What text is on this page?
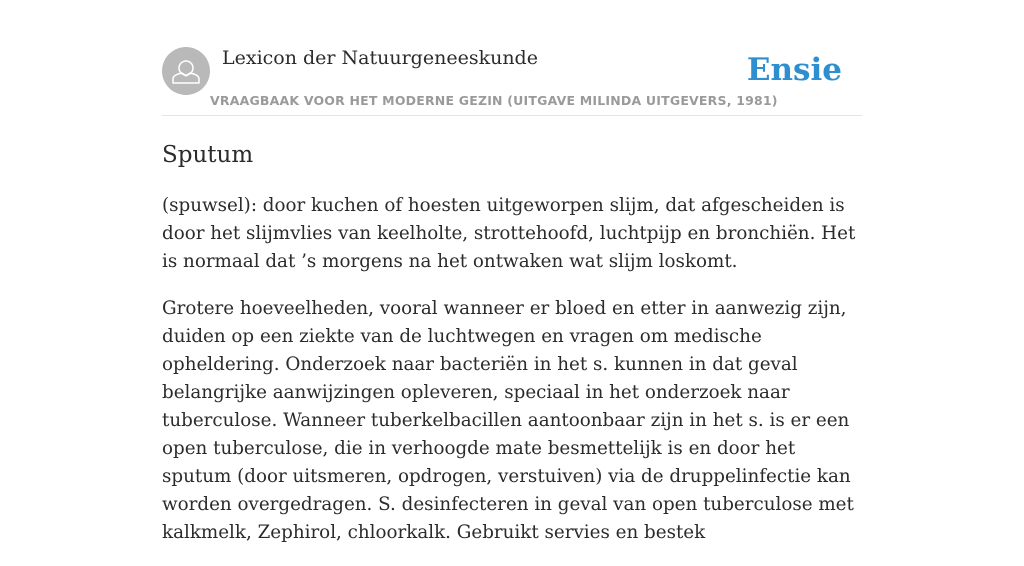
Lexicon der Natuurgeneeskunde
VRAAGBAAK VOOR HET MODERNE GEZIN (UITGAVE MILINDA UITGEVERS, 1981)
Ensie
Sputum

(spuwsel): door kuchen of hoesten uitgeworpen slijm, dat afgescheiden is door het slijmvlies van keelholte, strottehoofd, luchtpijp en bronchiën. Het is normaal dat ’s morgens na het ontwaken wat slijm loskomt.

Grotere hoeveelheden, vooral wanneer er bloed en etter in aanwezig zijn, duiden op een ziekte van de luchtwegen en vragen om medische opheldering. Onderzoek naar bacteriën in het s. kunnen in dat geval belangrijke aanwijzingen opleveren, speciaal in het onderzoek naar tuberculose. Wanneer tuberkelbacillen aantoonbaar zijn in het s. is er een open tuberculose, die in verhoogde mate besmettelijk is en door het sputum (door uitsmeren, opdrogen, verstuiven) via de druppelinfectie kan worden overgedragen. S. desinfecteren in geval van open tuberculose met kalkmelk, Zephirol, chloorkalk. Gebruikt servies en bestek
